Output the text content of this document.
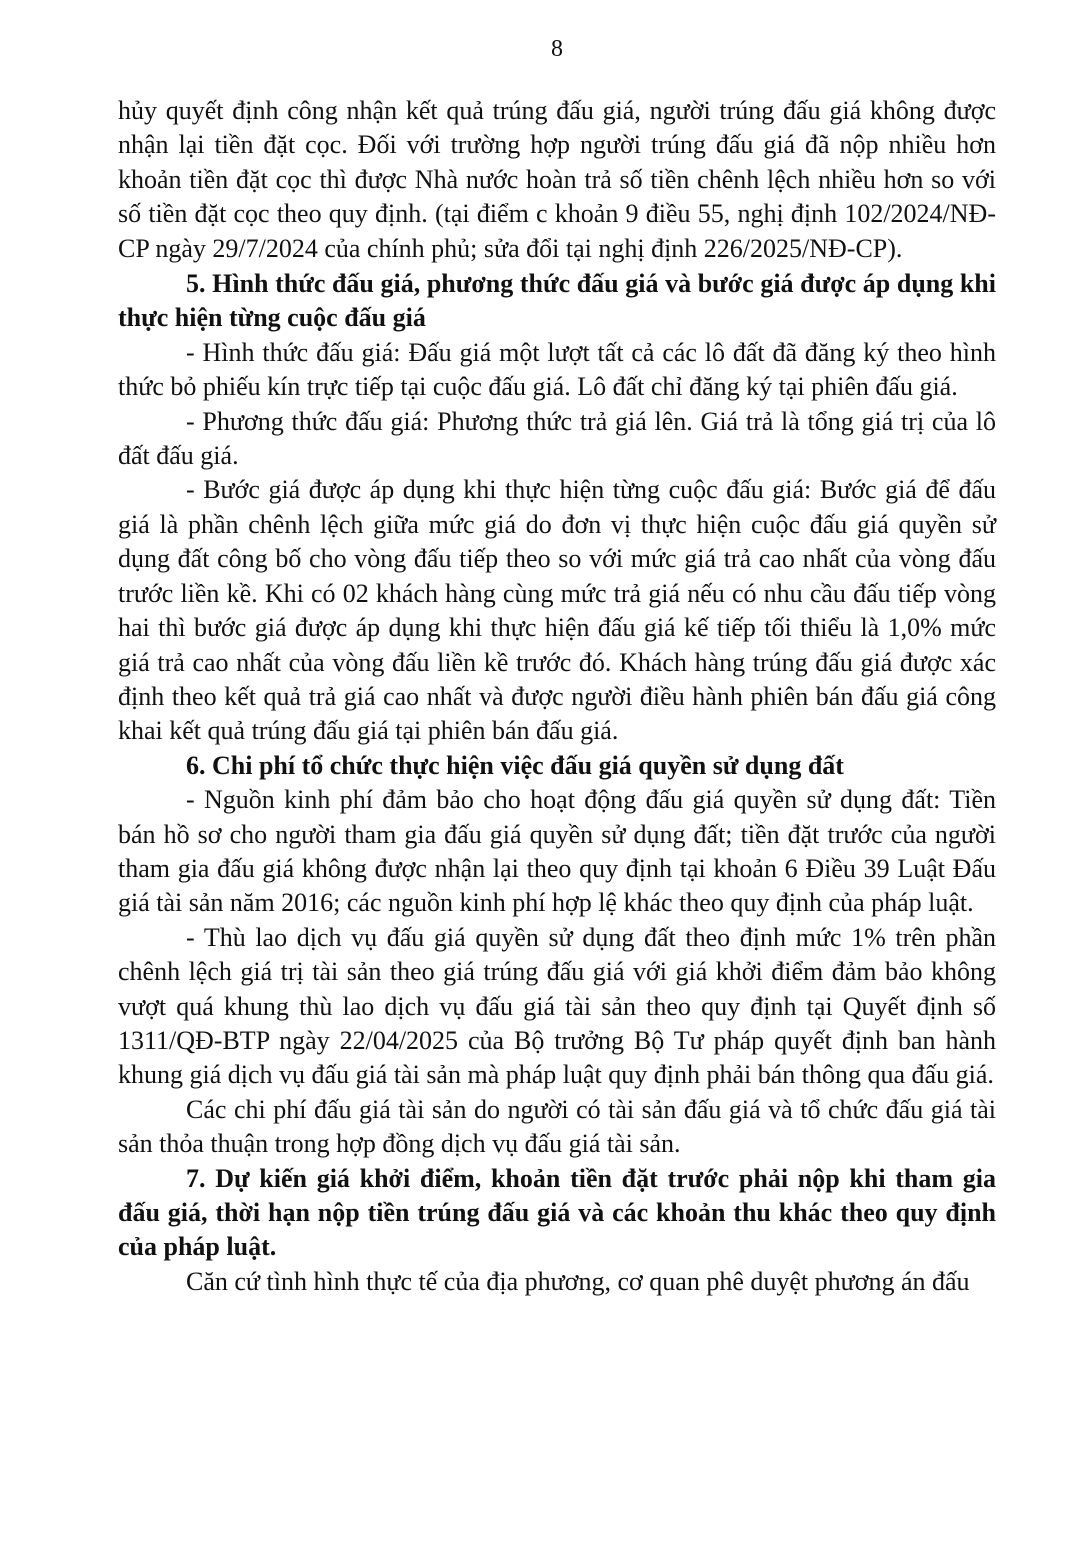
8

hủy quyết định công nhận kết quả trúng đấu giá, người trúng đấu giá không được nhận lại tiền đặt cọc. Đối với trường hợp người trúng đấu giá đã nộp nhiều hơn khoản tiền đặt cọc thì được Nhà nước hoàn trả số tiền chênh lệch nhiều hơn so với số tiền đặt cọc theo quy định. (tại điểm c khoản 9 điều 55, nghị định 102/2024/NĐ-CP ngày 29/7/2024 của chính phủ; sửa đổi tại nghị định 226/2025/NĐ-CP).

5. Hình thức đấu giá, phương thức đấu giá và bước giá được áp dụng khi thực hiện từng cuộc đấu giá

- Hình thức đấu giá: Đấu giá một lượt tất cả các lô đất đã đăng ký theo hình thức bỏ phiếu kín trực tiếp tại cuộc đấu giá. Lô đất chỉ đăng ký tại phiên đấu giá.

- Phương thức đấu giá: Phương thức trả giá lên. Giá trả là tổng giá trị của lô đất đấu giá.

- Bước giá được áp dụng khi thực hiện từng cuộc đấu giá: Bước giá để đấu giá là phần chênh lệch giữa mức giá do đơn vị thực hiện cuộc đấu giá quyền sử dụng đất công bố cho vòng đấu tiếp theo so với mức giá trả cao nhất của vòng đấu trước liền kề. Khi có 02 khách hàng cùng mức trả giá nếu có nhu cầu đấu tiếp vòng hai thì bước giá được áp dụng khi thực hiện đấu giá kế tiếp tối thiểu là 1,0% mức giá trả cao nhất của vòng đấu liền kề trước đó. Khách hàng trúng đấu giá được xác định theo kết quả trả giá cao nhất và được người điều hành phiên bán đấu giá công khai kết quả trúng đấu giá tại phiên bán đấu giá.

6. Chi phí tổ chức thực hiện việc đấu giá quyền sử dụng đất

- Nguồn kinh phí đảm bảo cho hoạt động đấu giá quyền sử dụng đất: Tiền bán hồ sơ cho người tham gia đấu giá quyền sử dụng đất; tiền đặt trước của người tham gia đấu giá không được nhận lại theo quy định tại khoản 6 Điều 39 Luật Đấu giá tài sản năm 2016; các nguồn kinh phí hợp lệ khác theo quy định của pháp luật.

- Thù lao dịch vụ đấu giá quyền sử dụng đất theo định mức 1% trên phần chênh lệch giá trị tài sản theo giá trúng đấu giá với giá khởi điểm đảm bảo không vượt quá khung thù lao dịch vụ đấu giá tài sản theo quy định tại Quyết định số 1311/QĐ-BTP ngày 22/04/2025 của Bộ trưởng Bộ Tư pháp quyết định ban hành khung giá dịch vụ đấu giá tài sản mà pháp luật quy định phải bán thông qua đấu giá.

Các chi phí đấu giá tài sản do người có tài sản đấu giá và tổ chức đấu giá tài sản thỏa thuận trong hợp đồng dịch vụ đấu giá tài sản.

7. Dự kiến giá khởi điểm, khoản tiền đặt trước phải nộp khi tham gia đấu giá, thời hạn nộp tiền trúng đấu giá và các khoản thu khác theo quy định của pháp luật.

Căn cứ tình hình thực tế của địa phương, cơ quan phê duyệt phương án đấu
